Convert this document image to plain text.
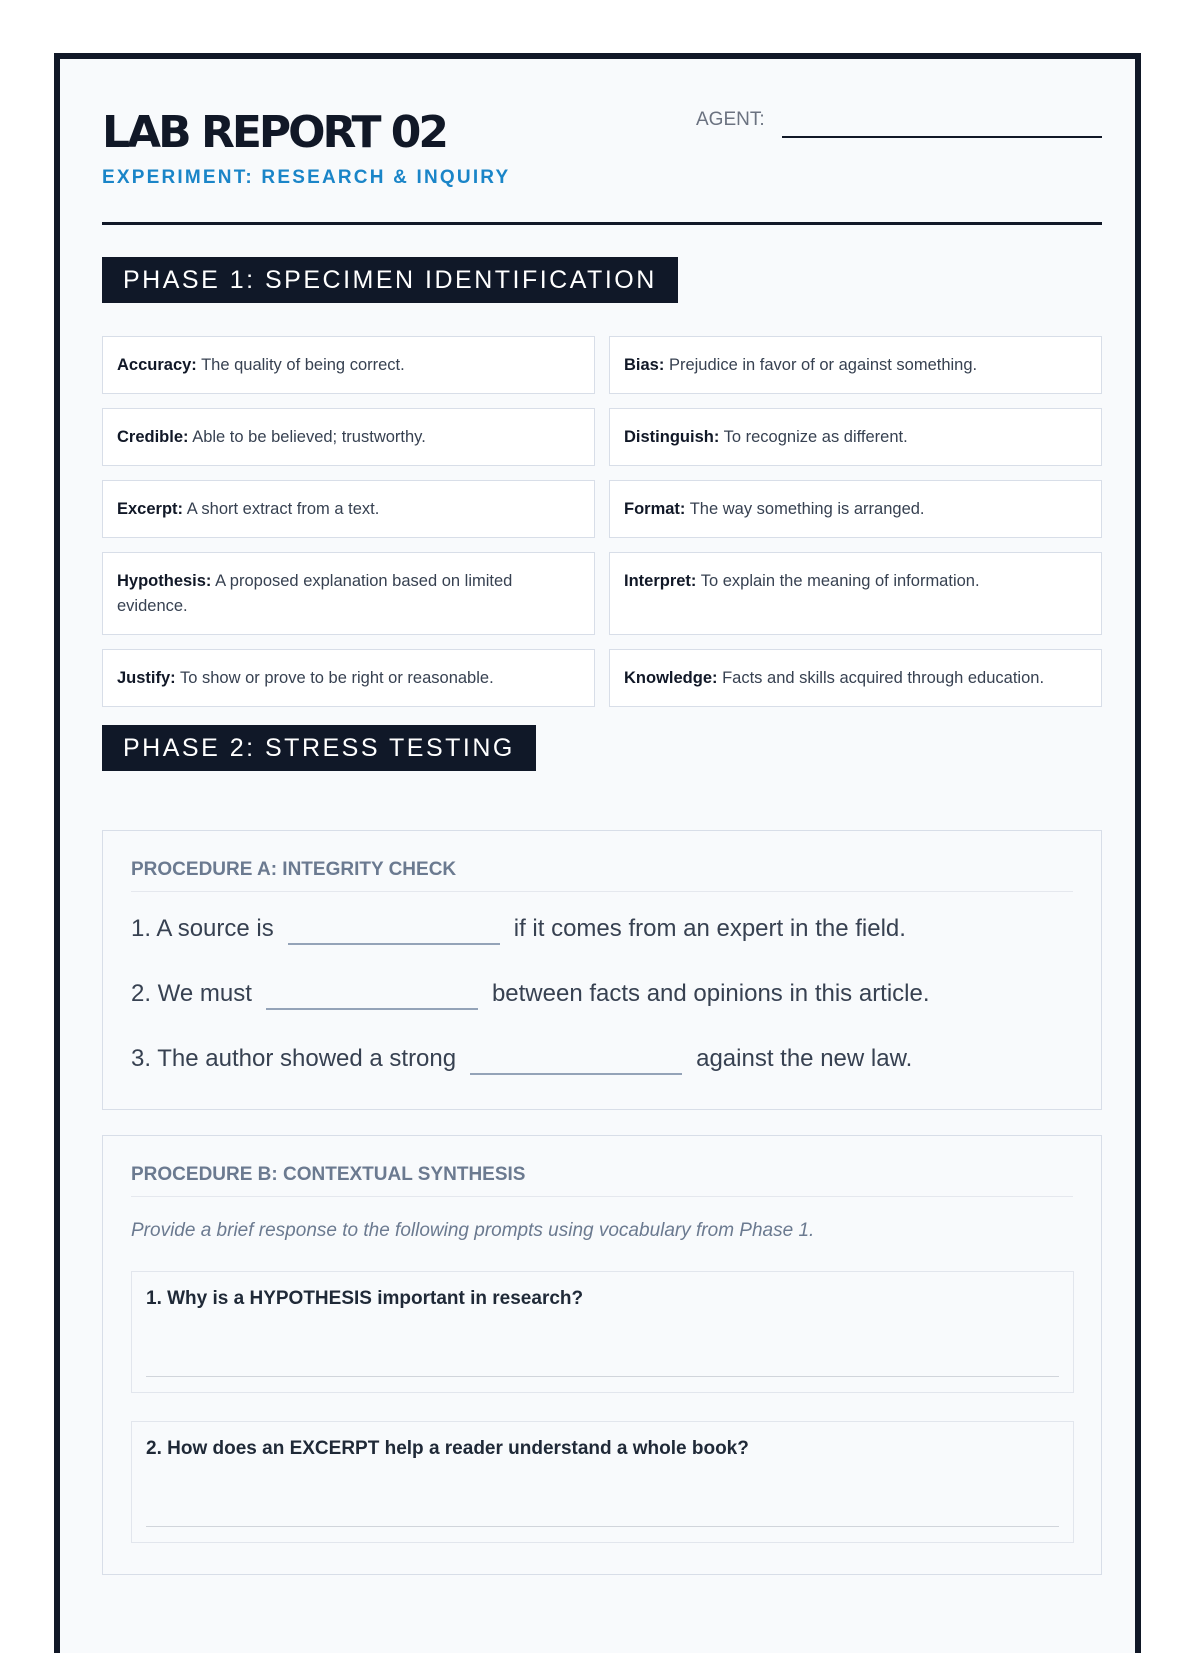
LAB REPORT 02
EXPERIMENT: RESEARCH & INQUIRY
AGENT:
PHASE 1: SPECIMEN IDENTIFICATION
Accuracy: The quality of being correct.	Bias: Prejudice in favor of or against something.
Credible: Able to be believed; trustworthy.	Distinguish: To recognize as different.
Excerpt: A short extract from a text.	Format: The way something is arranged.
Hypothesis: A proposed explanation based on limited evidence.
Interpret: To explain the meaning of information.
Justify: To show or prove to be right or reasonable.	Knowledge: Facts and skills acquired through education.
PHASE 2: STRESS TESTING
PROCEDURE A: INTEGRITY CHECK
1. A source is	if it comes from an expert in the field.
2. We must	between facts and opinions in this article.
3. The author showed a strong	against the new law.
PROCEDURE B: CONTEXTUAL SYNTHESIS
Provide a brief response to the following prompts using vocabulary from Phase 1.
1. Why is a HYPOTHESIS important in research?
2. How does an EXCERPT help a reader understand a whole book?
